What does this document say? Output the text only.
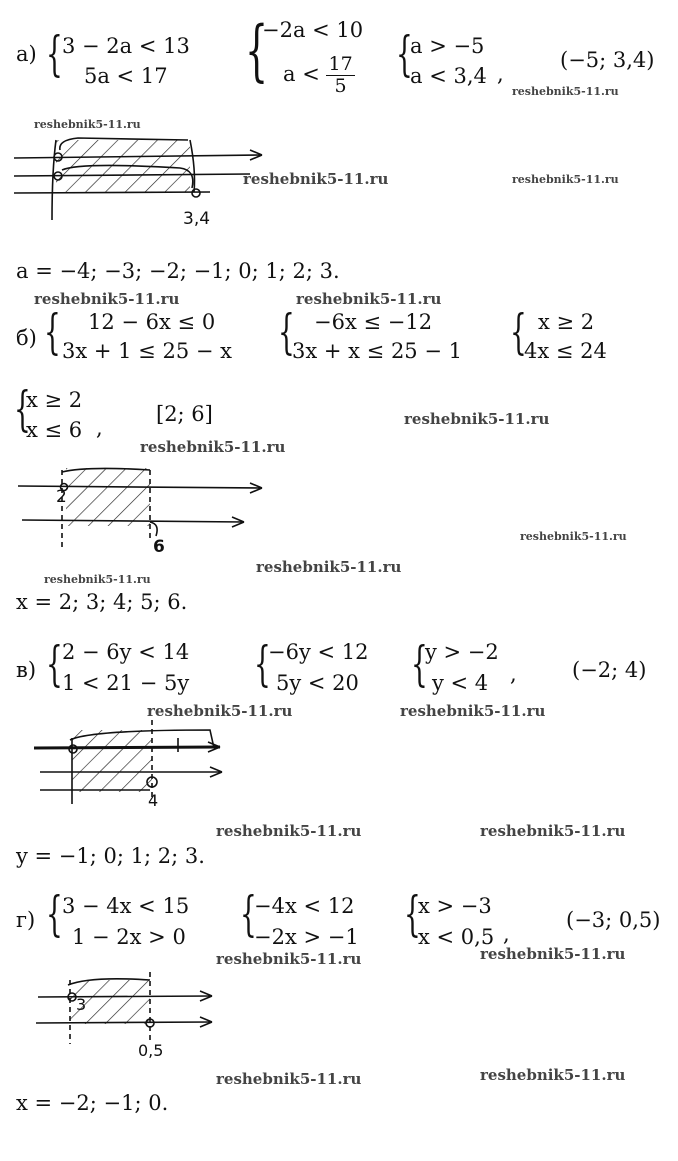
а) { 3 − 2a < 13
5a < 17 {
−2a < 10
$a < \frac{17}{5}$ {
a > −5
a < 3,4 ,
(−5; 3,4)
a = −4; −3; −2; −1; 0; 1; 2; 3.
б) { 12 − 6x ≤ 0
3x + 1 ≤ 25 − x { −6x ≤ −12
3x + x ≤ 25 − 1 { x ≥ 2
4x ≤ 24
{
x ≥ 2
x ≤ 6 ,
[2; 6]
x = 2; 3; 4; 5; 6.
в) { 2 − 6y < 14
1 < 21 − 5y {
−6y < 12
5y < 20 {
y > −2
y < 4 ,	(−2; 4)
y = −1; 0; 1; 2; 3.
г) { 3 − 4x < 15
1 − 2x > 0 {
−4x < 12
−2x > −1 {
x > −3
x < 0,5 ,
(−3; 0,5)
x = −2; −1; 0.
3,4
2
6
4
3
0,5
reshebnik5-11.ru
reshebnik5-11.ru
reshebnik5-11.ru	reshebnik5-11.ru
reshebnik5-11.ru	reshebnik5-11.ru
reshebnik5-11.ru
reshebnik5-11.ru
reshebnik5-11.ru
reshebnik5-11.ru
reshebnik5-11.ru
reshebnik5-11.ru	reshebnik5-11.ru
reshebnik5-11.ru	reshebnik5-11.ru
reshebnik5-11.ru
reshebnik5-11.ru
reshebnik5-11.ru	reshebnik5-11.ru
